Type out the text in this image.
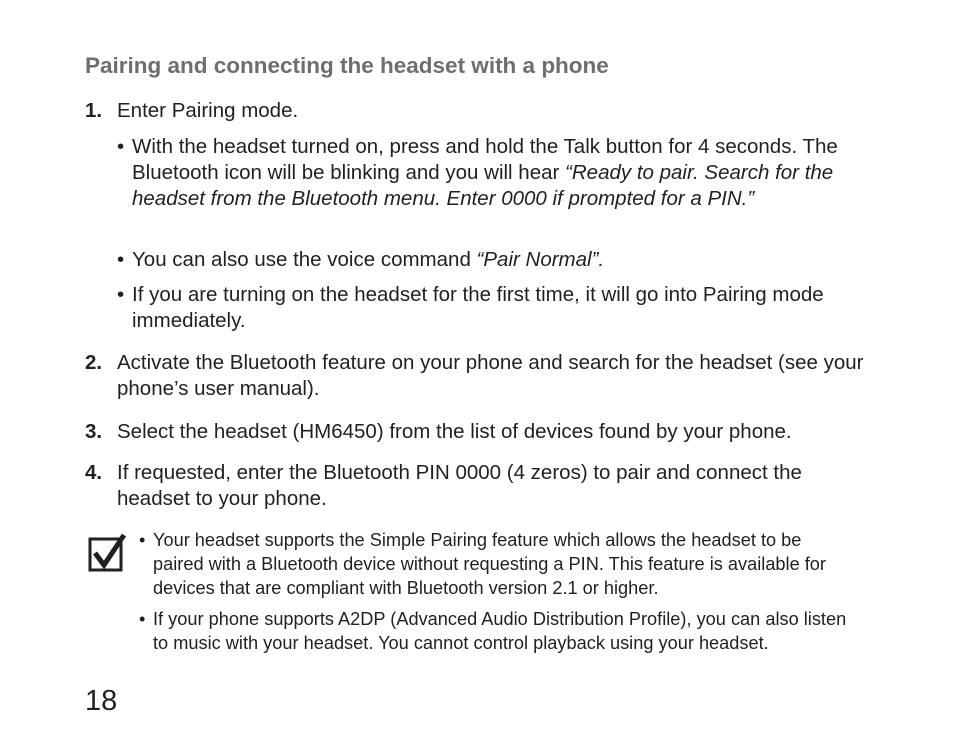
Pairing and connecting the headset with a phone
1. Enter Pairing mode.
• With the headset turned on, press and hold the Talk button for 4 seconds. The Bluetooth icon will be blinking and you will hear “Ready to pair. Search for the headset from the Bluetooth menu. Enter 0000 if prompted for a PIN.”
• You can also use the voice command “Pair Normal”.
• If you are turning on the headset for the first time, it will go into Pairing mode immediately.
2. Activate the Bluetooth feature on your phone and search for the headset (see your phone’s user manual).
3. Select the headset (HM6450) from the list of devices found by your phone.
4. If requested, enter the Bluetooth PIN 0000 (4 zeros) to pair and connect the headset to your phone.
• Your headset supports the Simple Pairing feature which allows the headset to be paired with a Bluetooth device without requesting a PIN. This feature is available for devices that are compliant with Bluetooth version 2.1 or higher.
• If your phone supports A2DP (Advanced Audio Distribution Profile), you can also listen to music with your headset. You cannot control playback using your headset.
18
